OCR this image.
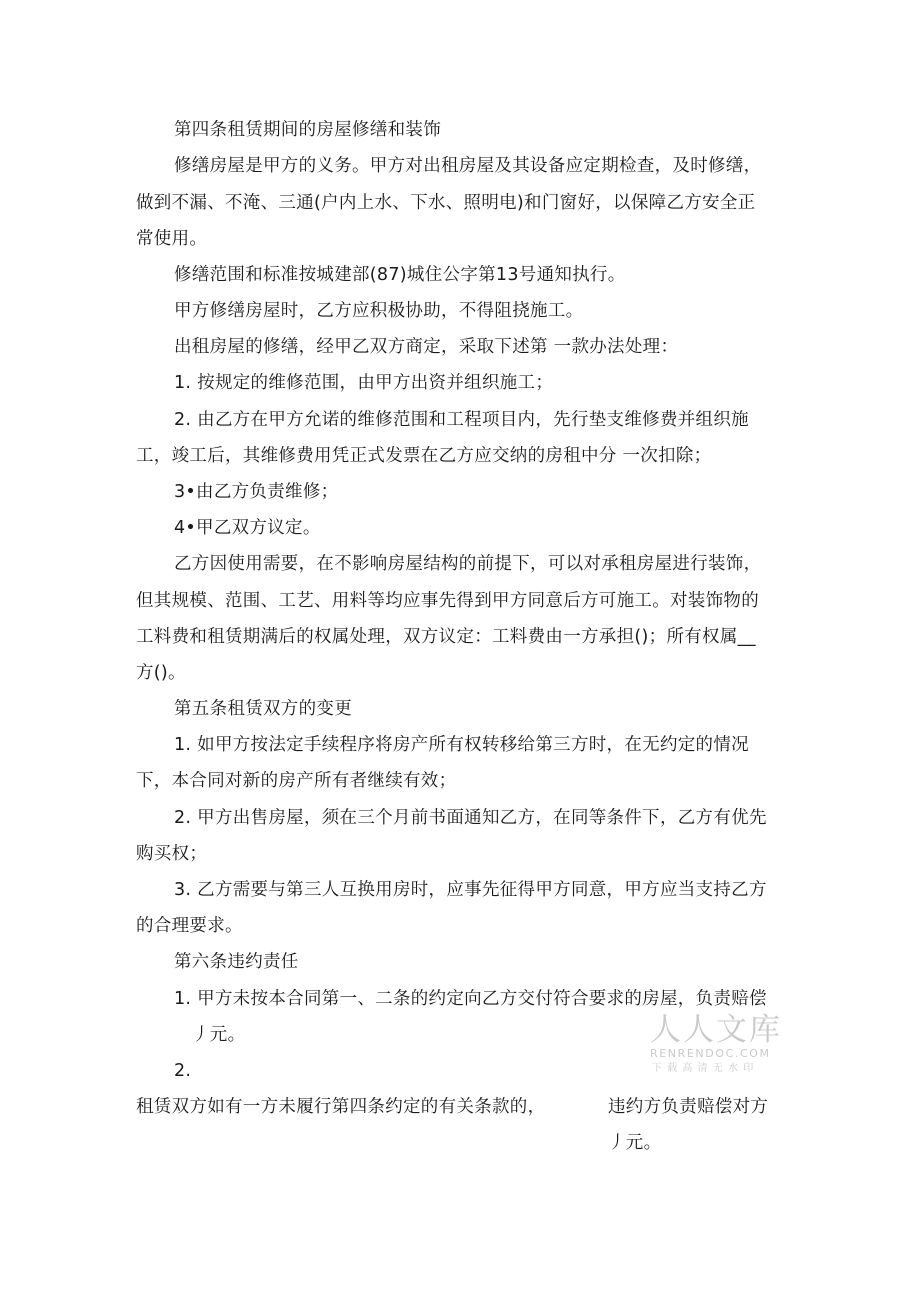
第四条租赁期间的房屋修缮和装饰
修缮房屋是甲方的义务。甲方对出租房屋及其设备应定期检查，及时修缮，
做到不漏、不淹、三通(户内上水、下水、照明电)和门窗好，以保障乙方安全正
常使用。
修缮范围和标准按城建部(87)城住公字第13号通知执行。
甲方修缮房屋时，乙方应积极协助，不得阻挠施工。
出租房屋的修缮，经甲乙双方商定，采取下述第 一款办法处理：
1. 按规定的维修范围，由甲方出资并组织施工；
2. 由乙方在甲方允诺的维修范围和工程项目内，先行垫支维修费并组织施
工，竣工后，其维修费用凭正式发票在乙方应交纳的房租中分 一次扣除；
3•由乙方负责维修；
4•甲乙双方议定。
乙方因使用需要，在不影响房屋结构的前提下，可以对承租房屋进行装饰，
但其规模、范围、工艺、用料等均应事先得到甲方同意后方可施工。对装饰物的
工料费和租赁期满后的权属处理，双方议定：工料费由一方承担()；所有权属__
方()。
第五条租赁双方的变更
1. 如甲方按法定手续程序将房产所有权转移给第三方时，在无约定的情况
下，本合同对新的房产所有者继续有效；
2. 甲方出售房屋，须在三个月前书面通知乙方，在同等条件下，乙方有优先
购买权；
3. 乙方需要与第三人互换用房时，应事先征得甲方同意，甲方应当支持乙方
的合理要求。
第六条违约责任
1. 甲方未按本合同第一、二条的约定向乙方交付符合要求的房屋，负责赔偿
丿元。
2.
租赁双方如有一方未履行第四条约定的有关条款的，	违约方负责赔偿对方
丿元。
人人文库
RENRENDOC.COM
下载高清无水印
